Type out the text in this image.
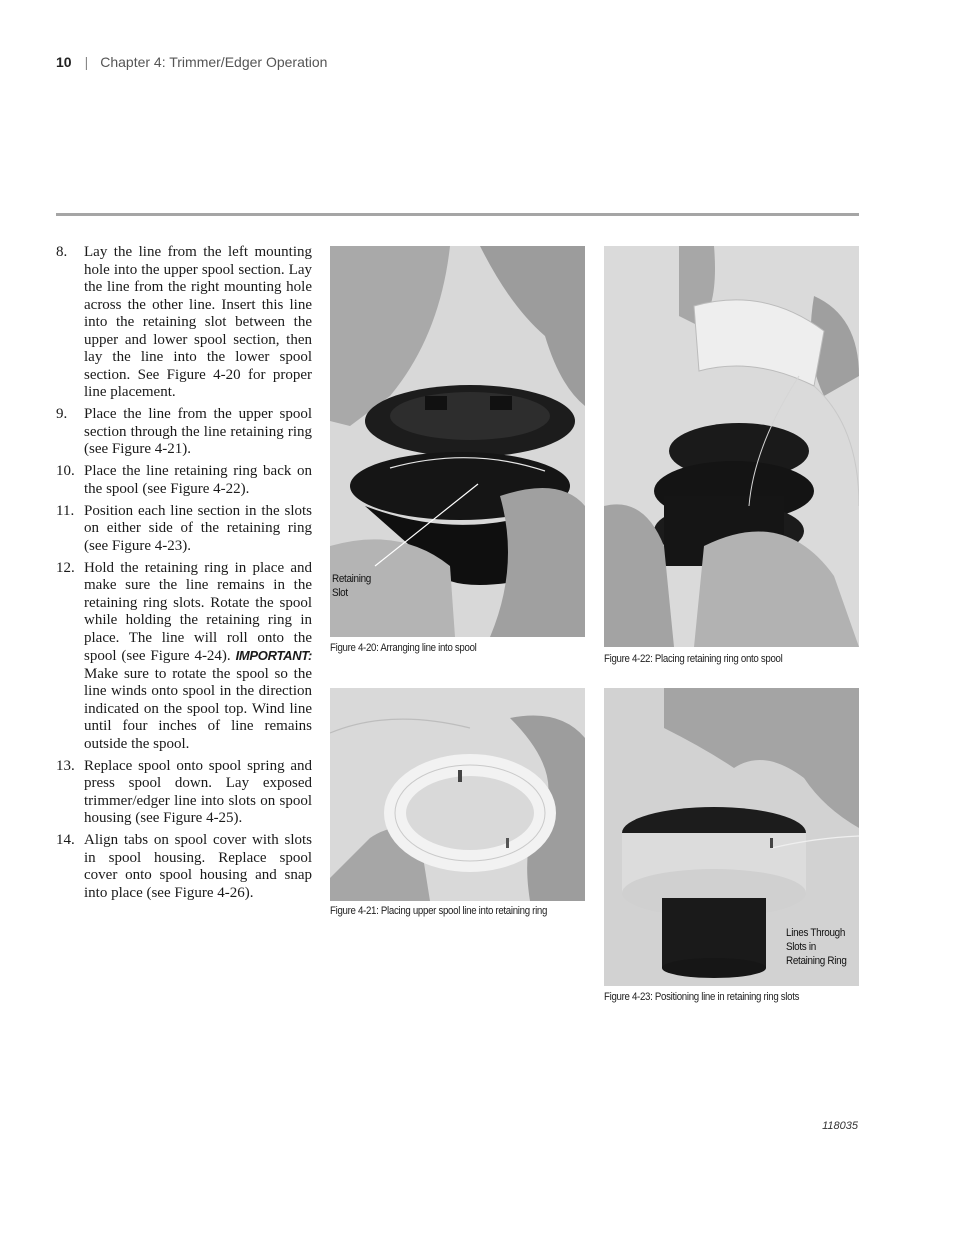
10 | Chapter 4: Trimmer/Edger Operation
8. Lay the line from the left mounting hole into the upper spool section. Lay the line from the right mounting hole across the other line. Insert this line into the retaining slot between the upper and lower spool section, then lay the line into the lower spool section. See Figure 4-20 for proper line placement.
9. Place the line from the upper spool section through the line retaining ring (see Figure 4-21).
10. Place the line retaining ring back on the spool (see Figure 4-22).
11. Position each line section in the slots on either side of the retaining ring (see Figure 4-23).
12. Hold the retaining ring in place and make sure the line remains in the retaining ring slots. Rotate the spool while holding the retaining ring in place. The line will roll onto the spool (see Figure 4-24). IMPORTANT: Make sure to rotate the spool so the line winds onto spool in the direction indicated on the spool top. Wind line until four inches of line remains outside the spool.
13. Replace spool onto spool spring and press spool down. Lay exposed trimmer/edger line into slots on spool housing (see Figure 4-25).
14. Align tabs on spool cover with slots in spool housing. Replace spool cover onto spool housing and snap into place (see Figure 4-26).
Retaining Slot
Figure 4-20: Arranging line into spool
Figure 4-22: Placing retaining ring onto spool
Figure 4-21: Placing upper spool line into retaining ring
Lines Through Slots in Retaining Ring
Figure 4-23: Positioning line in retaining ring slots
118035
